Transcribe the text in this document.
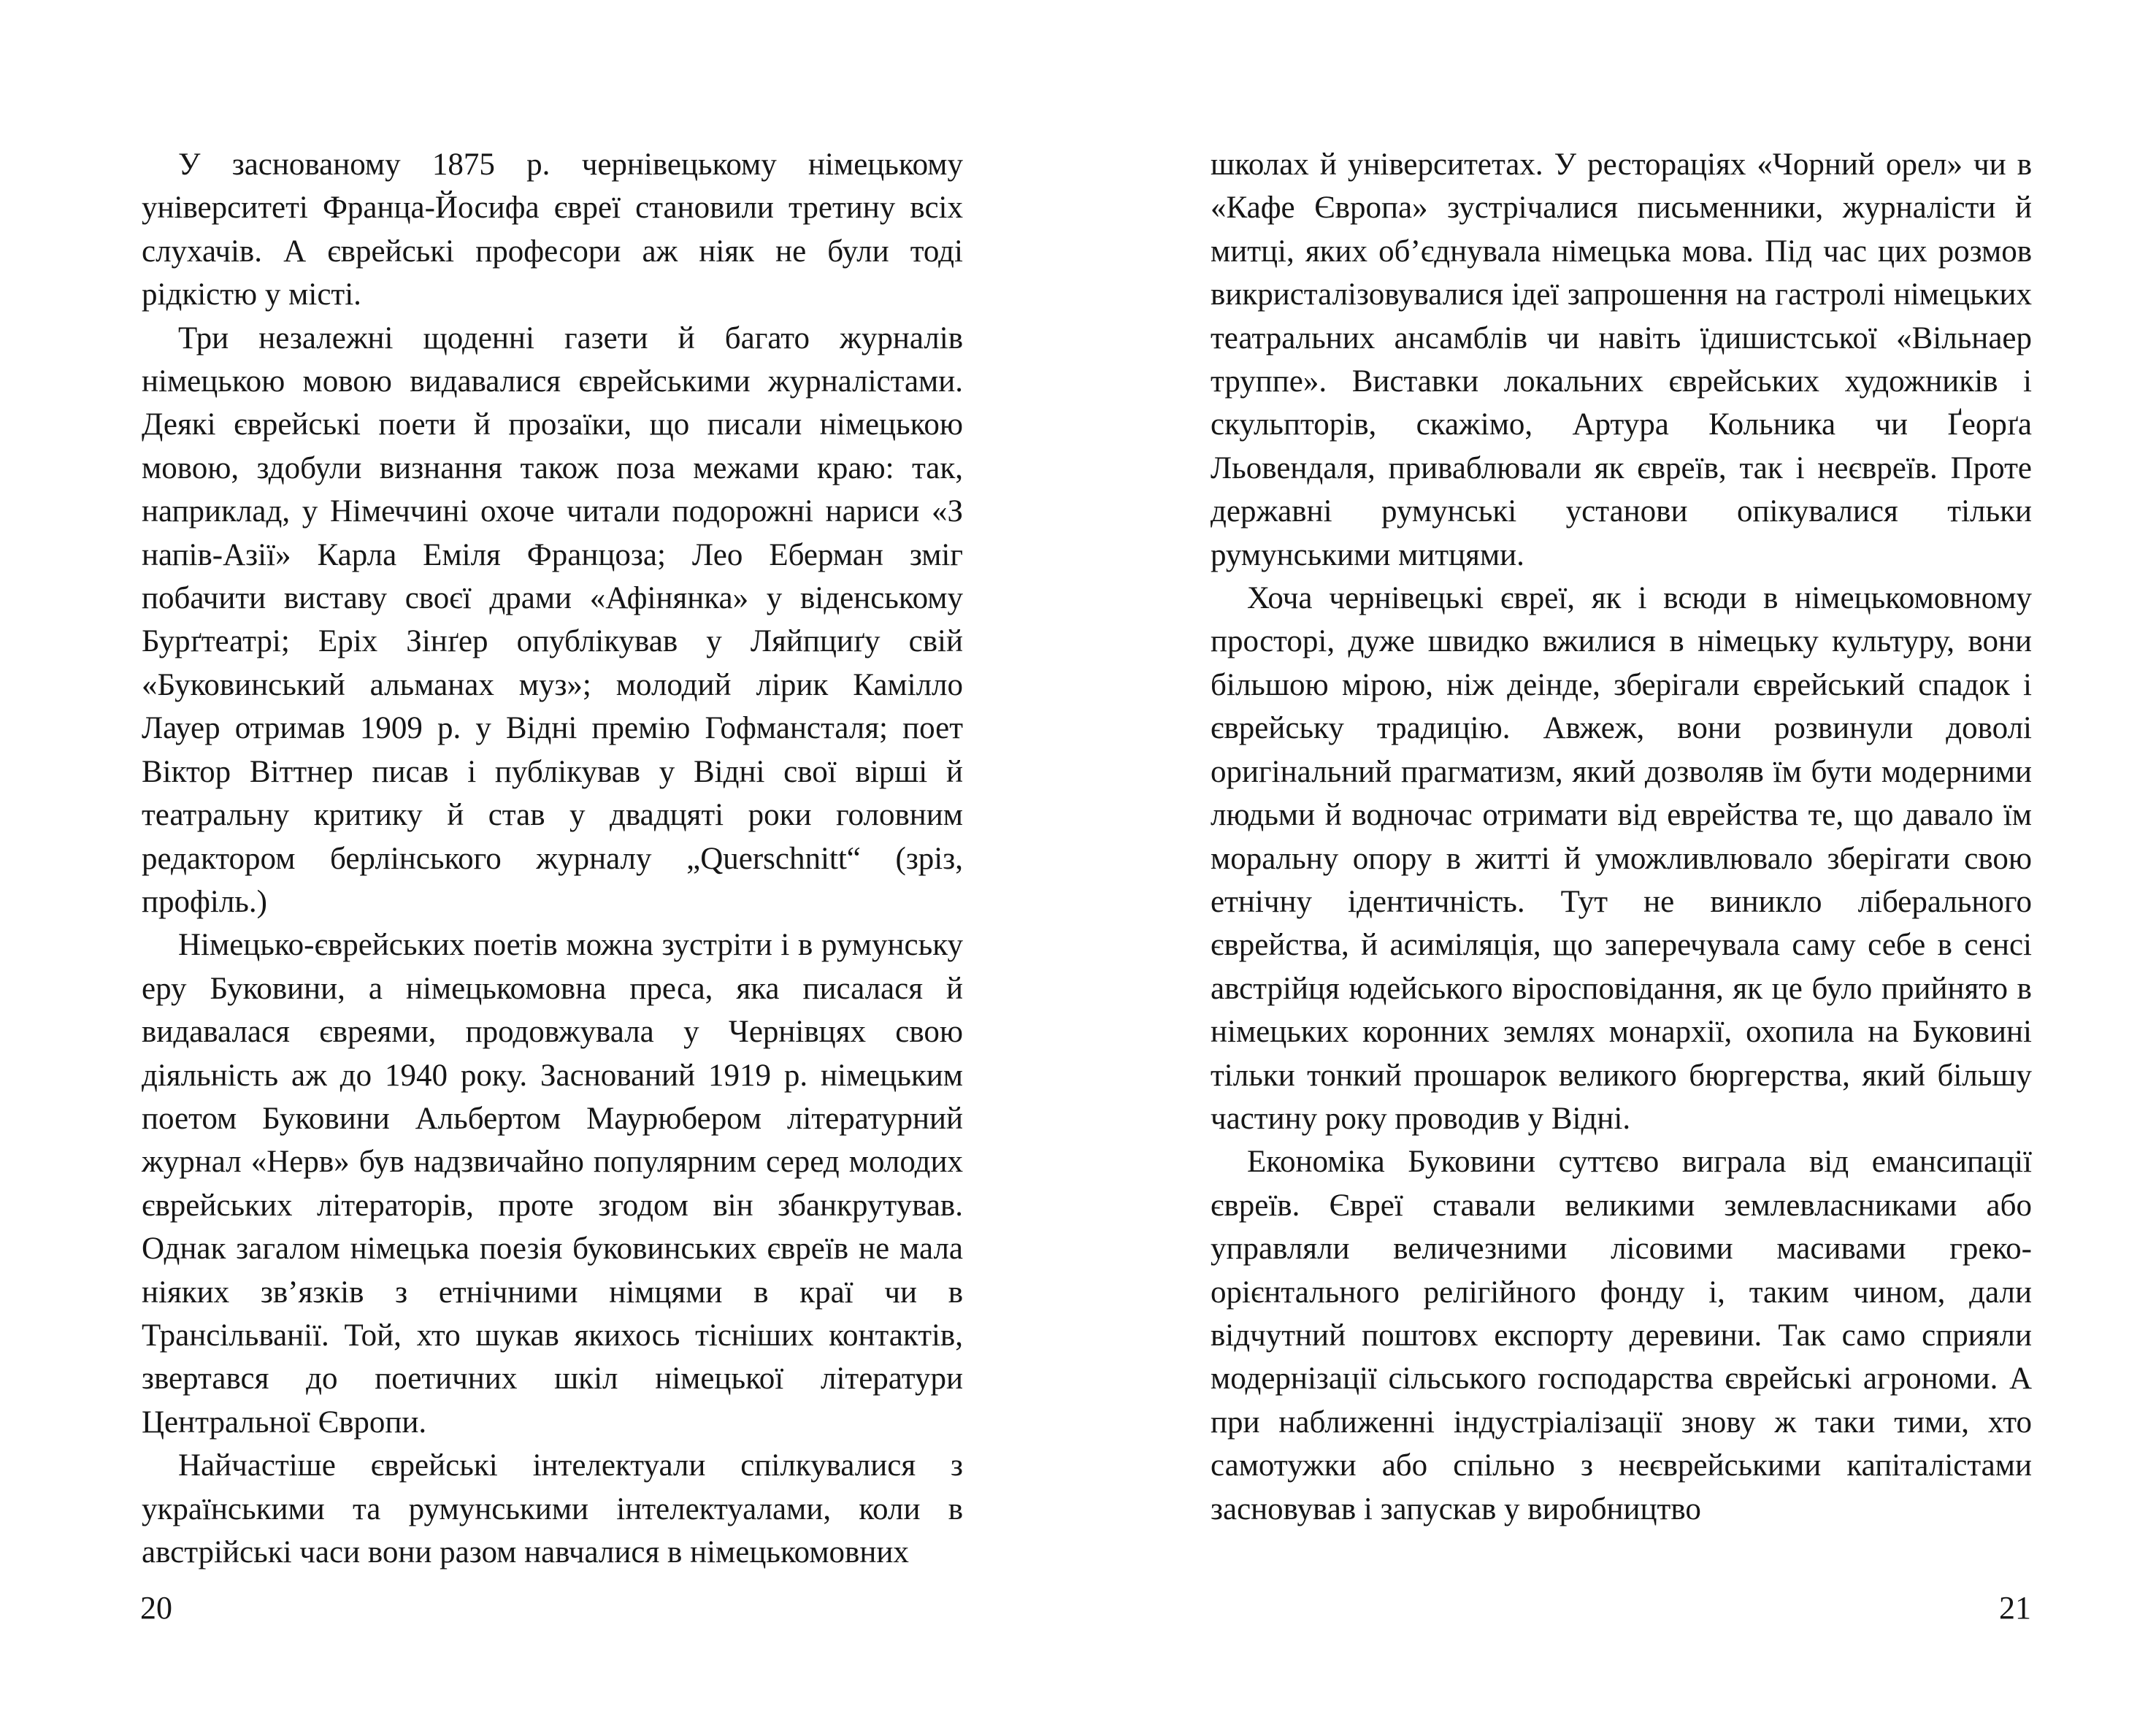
У заснованому 1875 р. чернівецькому німецькому університеті Франца-Йосифа євреї становили третину всіх слухачів. А єврейські професори аж ніяк не були тоді рідкістю у місті.

Три незалежні щоденні газети й багато журналів німецькою мовою видавалися єврейськими журналістами. Деякі єврейські поети й прозаїки, що писали німецькою мовою, здобули визнання також поза межами краю: так, наприклад, у Німеччині охоче читали подорожні нариси «З напів-Азії» Карла Еміля Францоза; Лео Еберман зміг побачити виставу своєї драми «Афінянка» у віденському Бурґтеатрі; Еріх Зінґер опублікував у Ляйпциґу свій «Буковинський альманах муз»; молодий лірик Камілло Лауер отримав 1909 р. у Відні премію Гофмансталя; поет Віктор Віттнер писав і публікував у Відні свої вірші й театральну критику й став у двадцяті роки головним редактором берлінського журналу „Querschnitt“ (зріз, профіль.)

Німецько-єврейських поетів можна зустріти і в румунську еру Буковини, а німецькомовна преса, яка писалася й видавалася євреями, продовжувала у Чернівцях свою діяльність аж до 1940 року. Заснований 1919 р. німецьким поетом Буковини Альбертом Маурюбером літературний журнал «Нерв» був надзвичайно популярним серед молодих єврейських літераторів, проте згодом він збанкрутував. Однак загалом німецька поезія буковинських євреїв не мала ніяких зв’язків з етнічними німцями в краї чи в Трансільванії. Той, хто шукав якихось тісніших контактів, звертався до поетичних шкіл німецької літератури Центральної Європи.

Найчастіше єврейські інтелектуали спілкувалися з українськими та румунськими інтелектуалами, коли в австрійські часи вони разом навчалися в німецькомовних

20

школах й університетах. У рестораціях «Чорний орел» чи в «Кафе Європа» зустрічалися письменники, журналісти й митці, яких об’єднувала німецька мова. Під час цих розмов викристалізовувалися ідеї запрошення на гастролі німецьких театральних ансамблів чи навіть їдишистської «Вільнаер труппе». Виставки локальних єврейських художників і скульпторів, скажімо, Артура Кольника чи Ґеорґа Льовендаля, приваблювали як євреїв, так і неєвреїв. Проте державні румунські установи опікувалися тільки румунськими митцями.

Хоча чернівецькі євреї, як і всюди в німецькомовному просторі, дуже швидко вжилися в німецьку культуру, вони більшою мірою, ніж деінде, зберігали єврейський спадок і єврейську традицію. Авжеж, вони розвинули доволі оригінальний прагматизм, який дозволяв їм бути модерними людьми й водночас отримати від еврейства те, що давало їм моральну опору в житті й уможливлювало зберігати свою етнічну ідентичність. Тут не виникло ліберального єврейства, й асиміляція, що заперечувала саму себе в сенсі австрійця юдейського віросповідання, як це було прийнято в німецьких коронних землях монархії, охопила на Буковині тільки тонкий прошарок великого бюргерства, який більшу частину року проводив у Відні.

Економіка Буковини суттєво виграла від емансипації євреїв. Євреї ставали великими землевласниками або управляли величезними лісовими масивами греко-орієнтального релігійного фонду і, таким чином, дали відчутний поштовх експорту деревини. Так само сприяли модернізації сільського господарства єврейські агрономи. А при наближенні індустріалізації знову ж таки тими, хто самотужки або спільно з неєврейськими капіталістами засновував і запускав у виробництво

21
